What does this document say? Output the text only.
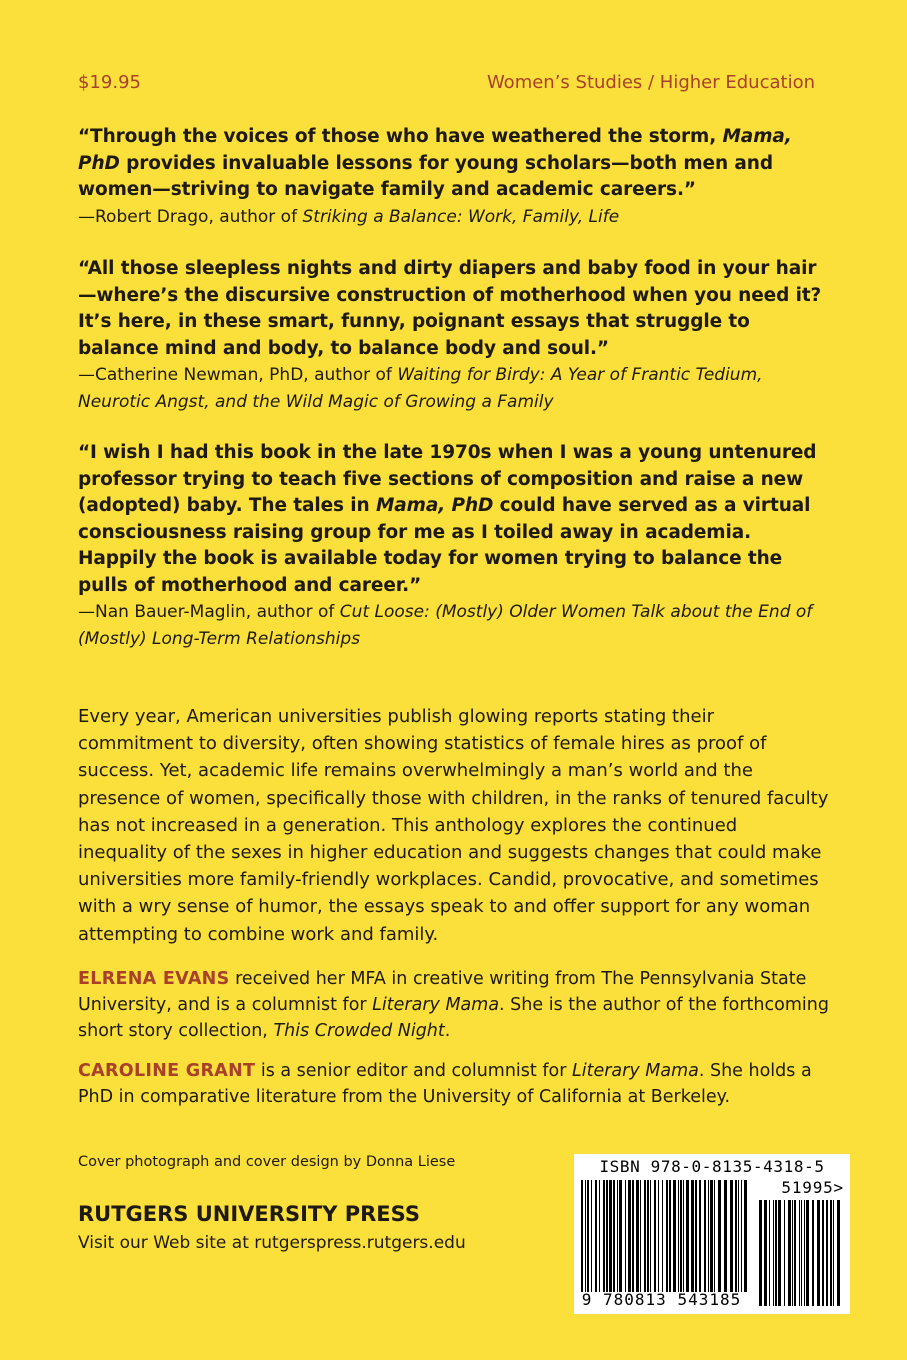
$19.95	Women’s Studies / Higher Education
“Through the voices of those who have weathered the storm, Mama, PhD provides invaluable lessons for young scholars—both men and women—striving to navigate family and academic careers.”
—Robert Drago, author of Striking a Balance: Work, Family, Life
“All those sleepless nights and dirty diapers and baby food in your hair—where’s the discursive construction of motherhood when you need it? It’s here, in these smart, funny, poignant essays that struggle to balance mind and body, to balance body and soul.”
—Catherine Newman, PhD, author of Waiting for Birdy: A Year of Frantic Tedium, Neurotic Angst, and the Wild Magic of Growing a Family
“I wish I had this book in the late 1970s when I was a young untenured professor trying to teach five sections of composition and raise a new (adopted) baby. The tales in Mama, PhD could have served as a virtual consciousness raising group for me as I toiled away in academia. Happily the book is available today for women trying to balance the pulls of motherhood and career.”
—Nan Bauer-Maglin, author of Cut Loose: (Mostly) Older Women Talk about the End of (Mostly) Long-Term Relationships
Every year, American universities publish glowing reports stating their commitment to diversity, often showing statistics of female hires as proof of success. Yet, academic life remains overwhelmingly a man’s world and the presence of women, specifically those with children, in the ranks of tenured faculty has not increased in a generation. This anthology explores the continued inequality of the sexes in higher education and suggests changes that could make universities more family-friendly workplaces. Candid, provocative, and sometimes with a wry sense of humor, the essays speak to and offer support for any woman attempting to combine work and family.
ELRENA EVANS received her MFA in creative writing from The Pennsylvania State University, and is a columnist for Literary Mama. She is the author of the forthcoming short story collection, This Crowded Night.
CAROLINE GRANT is a senior editor and columnist for Literary Mama. She holds a PhD in comparative literature from the University of California at Berkeley.
Cover photograph and cover design by Donna Liese
RUTGERS UNIVERSITY PRESS
Visit our Web site at rutgerspress.rutgers.edu
ISBN 978-0-8135-4318-5
51995>
9 780813 543185
